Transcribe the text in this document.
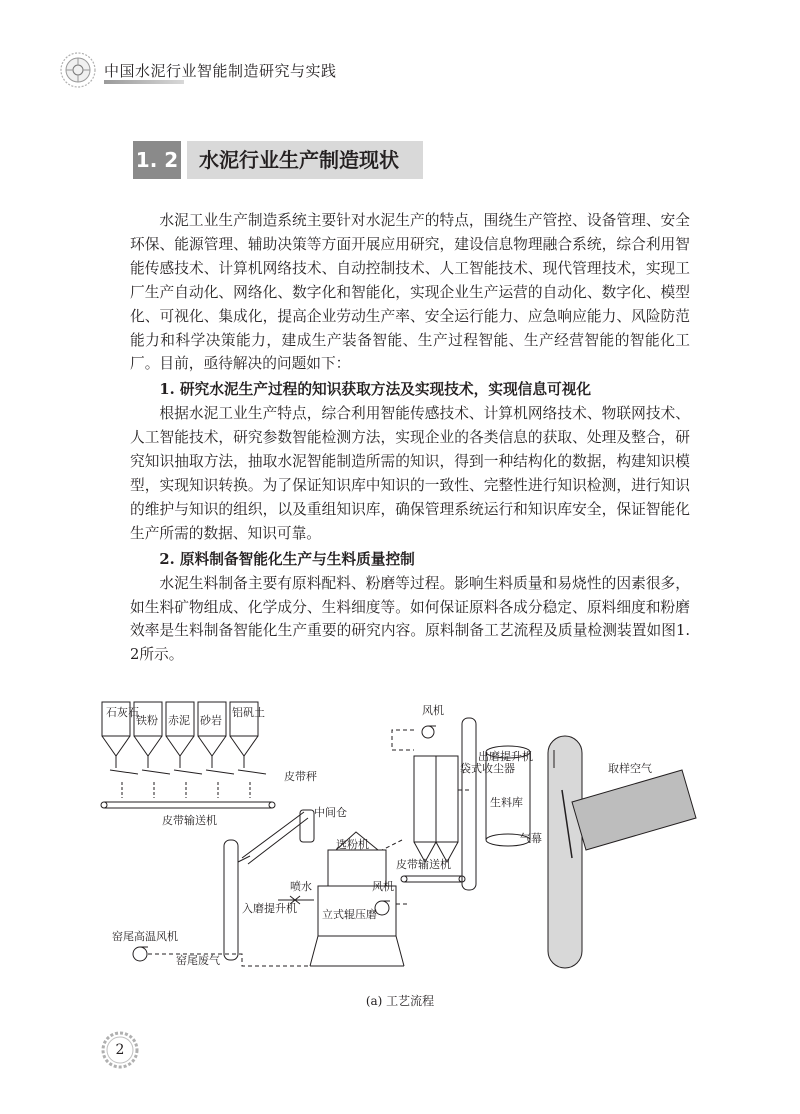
中国水泥行业智能制造研究与实践
1. 2	水泥行业生产制造现状

水泥工业生产制造系统主要针对水泥生产的特点，围绕生产管控、设备管理、安全环保、能源管理、辅助决策等方面开展应用研究，建设信息物理融合系统，综合利用智能传感技术、计算机网络技术、自动控制技术、人工智能技术、现代管理技术，实现工厂生产自动化、网络化、数字化和智能化，实现企业生产运营的自动化、数字化、模型化、可视化、集成化，提高企业劳动生产率、安全运行能力、应急响应能力、风险防范能力和科学决策能力，建成生产装备智能、生产过程智能、生产经营智能的智能化工厂。目前，亟待解决的问题如下：

1. 研究水泥生产过程的知识获取方法及实现技术，实现信息可视化

根据水泥工业生产特点，综合利用智能传感技术、计算机网络技术、物联网技术、人工智能技术，研究参数智能检测方法，实现企业的各类信息的获取、处理及整合，研究知识抽取方法，抽取水泥智能制造所需的知识，得到一种结构化的数据，构建知识模型，实现知识转换。为了保证知识库中知识的一致性、完整性进行知识检测，进行知识的维护与知识的组织，以及重组知识库，确保管理系统运行和知识库安全，保证智能化生产所需的数据、知识可靠。

2. 原料制备智能化生产与生料质量控制

水泥生料制备主要有原料配料、粉磨等过程。影响生料质量和易烧性的因素很多，如生料矿物组成、化学成分、生料细度等。如何保证原料各成分稳定、原料细度和粉磨效率是生料制备智能化生产重要的研究内容。原料制备工艺流程及质量检测装置如图1. 2所示。

石灰石
铁粉 赤泥 砂岩
铝矾土
皮带秤
皮带输送机
中间仓
风机
袋式收尘器
出磨提升机
生料库
取样空气
气幕
选粉机
喷水	风机
立式辊压磨
皮带输送机
入磨提升机
窑尾高温风机
窑尾废气
(a) 工艺流程
2
